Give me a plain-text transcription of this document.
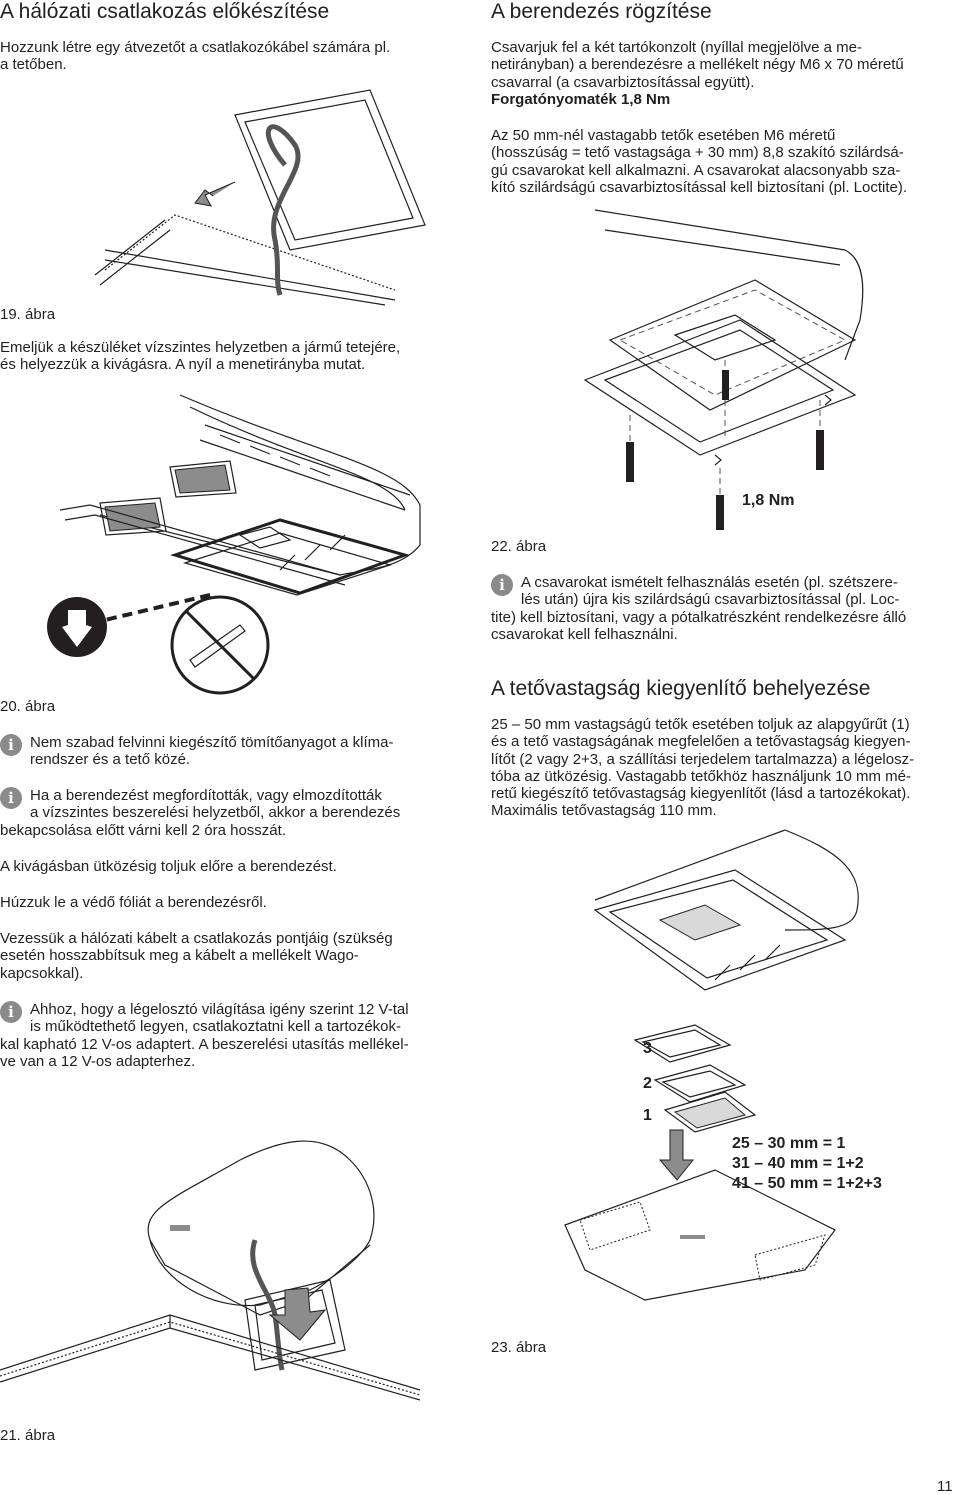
A hálózati csatlakozás előkészítése
Hozzunk létre egy átvezetőt a csatlakozókábel számára pl.
a tetőben.
19. ábra
Emeljük a készüléket vízszintes helyzetben a jármű tetejére,
és helyezzük a kivágásra. A nyíl a menetirányba mutat.
20. ábra
i	Nem szabad felvinni kiegészítő tömítőanyagot a klíma-
rendszer és a tető közé.
i	Ha a berendezést megfordították, vagy elmozdították
a vízszintes beszerelési helyzetből, akkor a berendezés
bekapcsolása előtt várni kell 2 óra hosszát.
A kivágásban ütközésig toljuk előre a berendezést.
Húzzuk le a védő fóliát a berendezésről.
Vezessük a hálózati kábelt a csatlakozás pontjáig (szükség
esetén hosszabbítsuk meg a kábelt a mellékelt Wago-
kapcsokkal).
i	Ahhoz, hogy a légelosztó világítása igény szerint 12 V-tal
is működtethető legyen, csatlakoztatni kell a tartozékok-
kal kapható 12 V-os adaptert. A beszerelési utasítás mellékel-
ve van a 12 V-os adapterhez.
21. ábra
A berendezés rögzítése
Csavarjuk fel a két tartókonzolt (nyíllal megjelölve a me-
netirányban) a berendezésre a mellékelt négy M6 x 70 méretű
csavarral (a csavarbiztosítással együtt).
Forgatónyomaték 1,8 Nm
Az 50 mm-nél vastagabb tetők esetében M6 méretű
(hosszúság = tető vastagsága + 30 mm) 8,8 szakító szilárdsá-
gú csavarokat kell alkalmazni. A csavarokat alacsonyabb sza-
kító szilárdságú csavarbiztosítással kell biztosítani (pl. Loctite).
1,8 Nm
22. ábra
i	A csavarokat ismételt felhasználás esetén (pl. szétszere-
lés után) újra kis szilárdságú csavarbiztosítással (pl. Loc-
tite) kell biztosítani, vagy a pótalkatrészként rendelkezésre álló
csavarokat kell felhasználni.
A tetővastagság kiegyenlítő behelyezése
25 – 50 mm vastagságú tetők esetében toljuk az alapgyűrűt (1)
és a tető vastagságának megfelelően a tetővastagság kiegyen-
lítőt (2 vagy 2+3, a szállítási terjedelem tartalmazza) a légelosz-
tóba az ütközésig. Vastagabb tetőkhöz használjunk 10 mm mé-
retű kiegészítő tetővastagság kiegyenlítőt (lásd a tartozékokat).
Maximális tetővastagság 110 mm.
3
2
1
25 – 30 mm = 1
31 – 40 mm = 1+2
41 – 50 mm = 1+2+3
23. ábra
11
